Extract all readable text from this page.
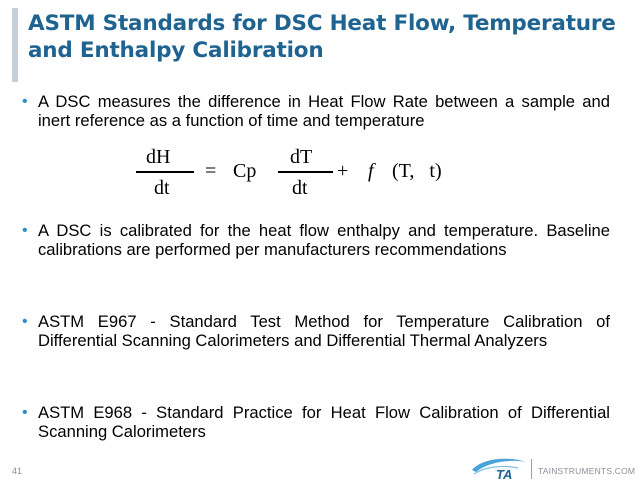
ASTM Standards for DSC Heat Flow, Temperature
and Enthalpy Calibration
• A DSC measures the difference in Heat Flow Rate between a sample and inert reference as a function of time and temperature
dH
dt
= Cp
dT
dt
+ f (T,   t)
• A DSC is calibrated for the heat flow enthalpy and temperature. Baseline calibrations are performed per manufacturers recommendations
• ASTM E967 - Standard Test Method for Temperature Calibration of Differential Scanning Calorimeters and Differential Thermal Analyzers
• ASTM E968 - Standard Practice for Heat Flow Calibration of Differential Scanning Calorimeters
41	TA	TAINSTRUMENTS.COM
